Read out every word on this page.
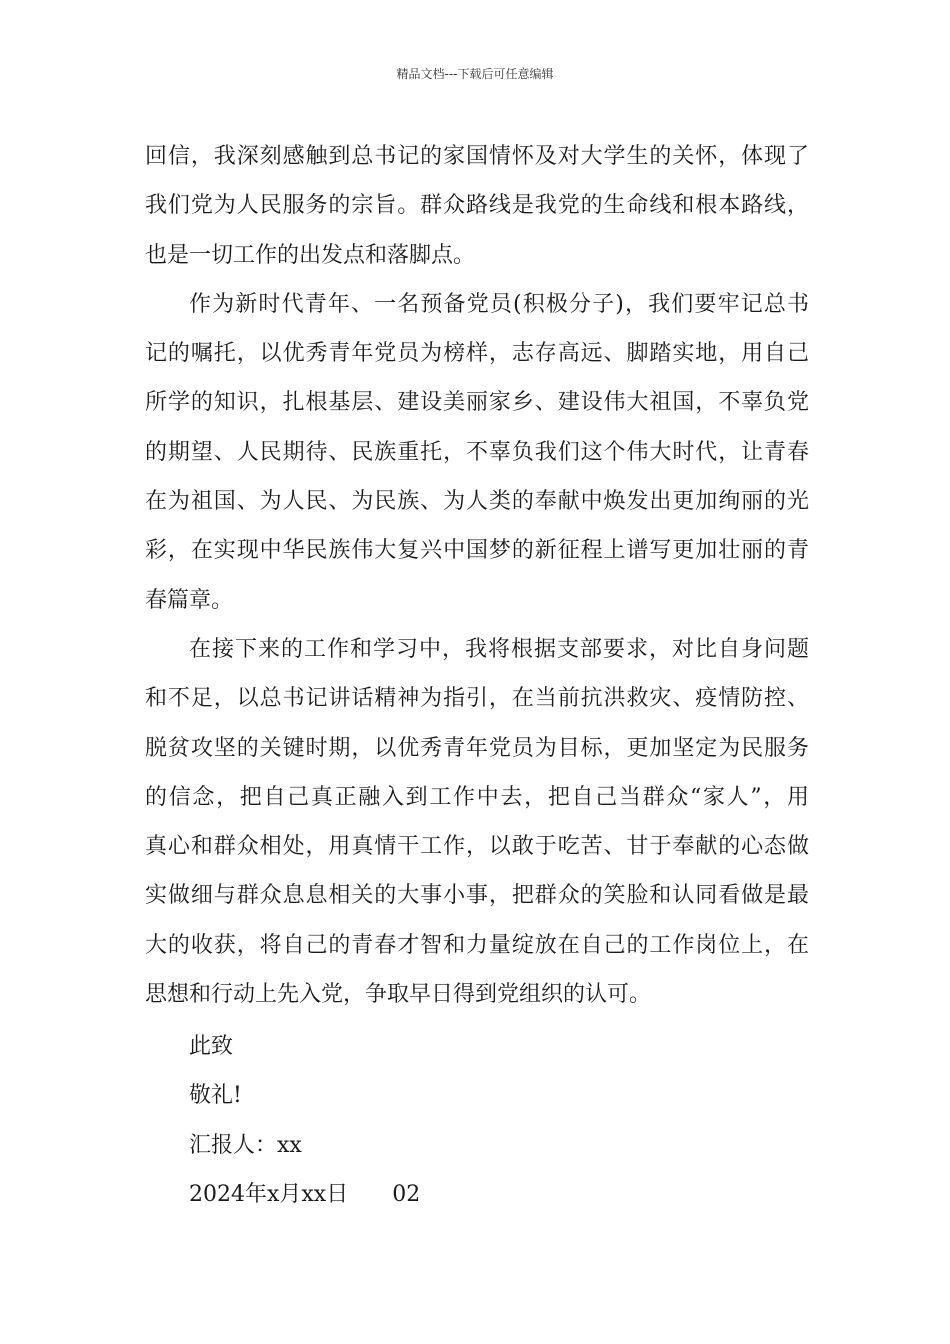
精品文档---下载后可任意编辑
回信，我深刻感触到总书记的家国情怀及对大学生的关怀，体现了
我们党为人民服务的宗旨。群众路线是我党的生命线和根本路线，
也是一切工作的出发点和落脚点。
作为新时代青年、一名预备党员(积极分子)，我们要牢记总书
记的嘱托，以优秀青年党员为榜样，志存高远、脚踏实地，用自己
所学的知识，扎根基层、建设美丽家乡、建设伟大祖国，不辜负党
的期望、人民期待、民族重托，不辜负我们这个伟大时代，让青春
在为祖国、为人民、为民族、为人类的奉献中焕发出更加绚丽的光
彩，在实现中华民族伟大复兴中国梦的新征程上谱写更加壮丽的青
春篇章。
在接下来的工作和学习中，我将根据支部要求，对比自身问题
和不足，以总书记讲话精神为指引，在当前抗洪救灾、疫情防控、
脱贫攻坚的关键时期，以优秀青年党员为目标，更加坚定为民服务
的信念，把自己真正融入到工作中去，把自己当群众“家人”，用
真心和群众相处，用真情干工作，以敢于吃苦、甘于奉献的心态做
实做细与群众息息相关的大事小事，把群众的笑脸和认同看做是最
大的收获，将自己的青春才智和力量绽放在自己的工作岗位上，在
思想和行动上先入党，争取早日得到党组织的认可。
此致
敬礼!
汇报人：xx
2024年x月xx日 02
